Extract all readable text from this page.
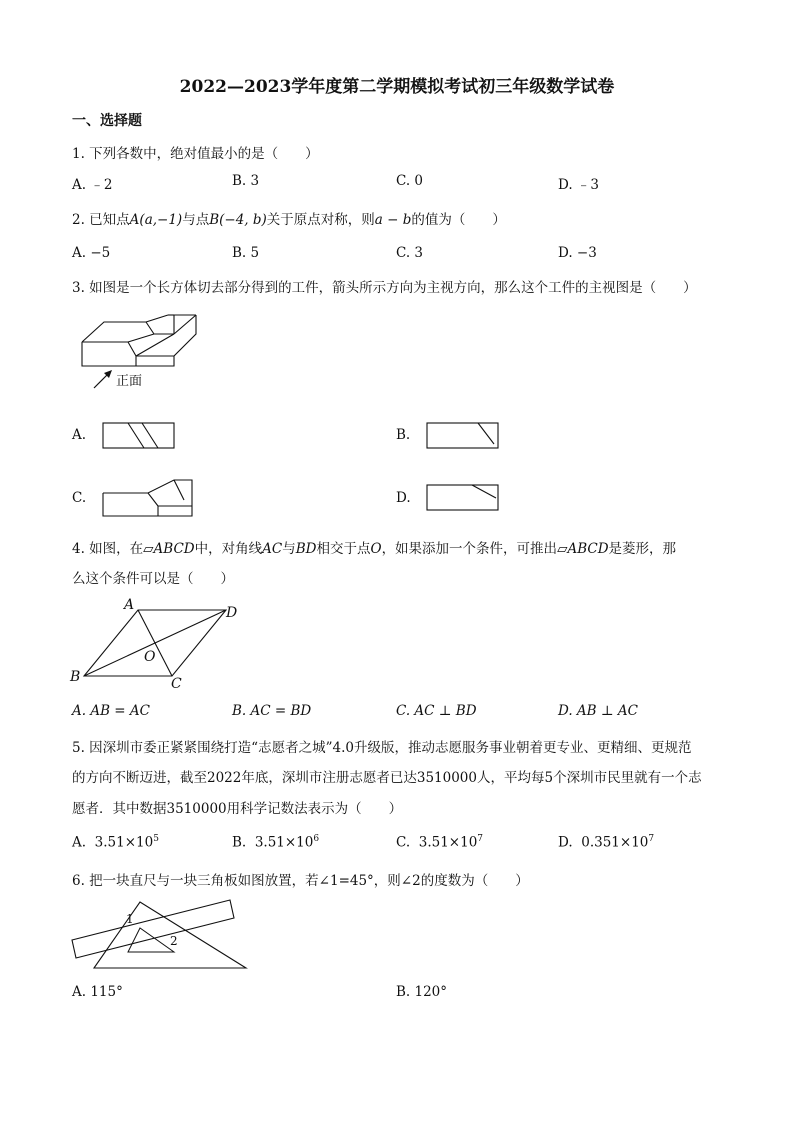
2022—2023学年度第二学期模拟考试初三年级数学试卷
一、选择题
1. 下列各数中，绝对值最小的是（　　）
A. ﹣2	B. 3	C. 0	D. ﹣3
2. 已知点A(a,−1)与点B(−4, b)关于原点对称，则a − b的值为（　　）
A. −5	B. 5	C. 3	D. −3
3. 如图是一个长方体切去部分得到的工件，箭头所示方向为主视方向，那么这个工件的主视图是（　　）
正面
A.	B.
C.	D.
4. 如图，在▱ABCD中，对角线AC与BD相交于点O，如果添加一个条件，可推出▱ABCD是菱形，那
么这个条件可以是（　　）
A	D
B	C
O
A. AB = AC	B. AC = BD	C. AC ⊥ BD	D. AB ⊥ AC
5. 因深圳市委正紧紧围绕打造“志愿者之城”4.0升级版，推动志愿服务事业朝着更专业、更精细、更规范
的方向不断迈进，截至2022年底，深圳市注册志愿者已达3510000人，平均每5个深圳市民里就有一个志
愿者．其中数据3510000用科学记数法表示为（　　）
A. $3.51\times 10^5$	B. $3.51\times 10^6$	C. $3.51\times 10^7$	D. $0.351\times 10^7$
6. 把一块直尺与一块三角板如图放置，若∠1=45°，则∠2的度数为（　　）
1
2
A. 115°	B. 120°
